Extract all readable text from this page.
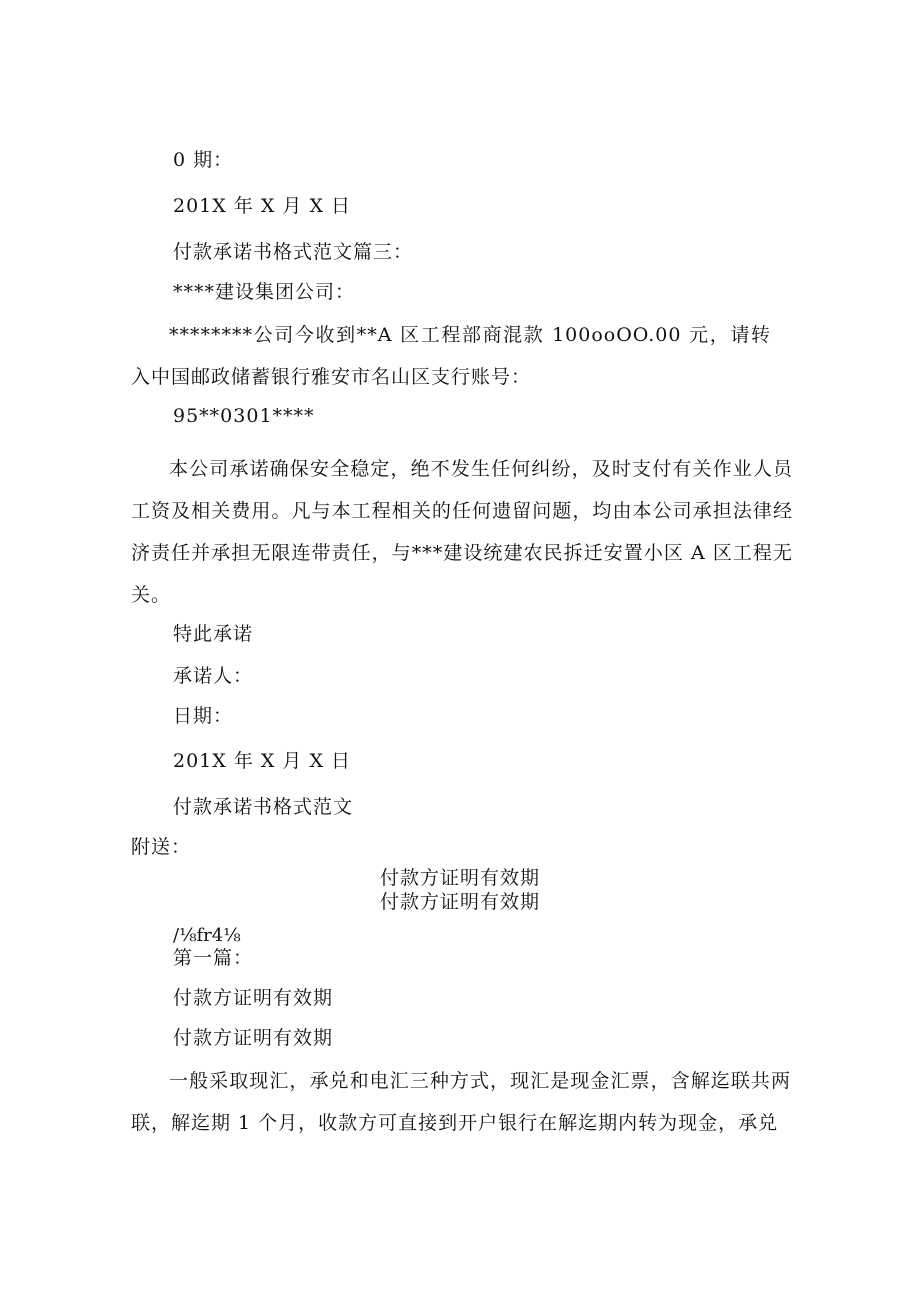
0 期：

201X 年 X 月 X 日

付款承诺书格式范文篇三：

****建设集团公司：

********公司今收到**A 区工程部商混款 100ooOO.00 元，请转入中国邮政储蓄银行雅安市名山区支行账号：

95**0301****

本公司承诺确保安全稳定，绝不发生任何纠纷，及时支付有关作业人员工资及相关费用。凡与本工程相关的任何遗留问题，均由本公司承担法律经济责任并承担无限连带责任，与***建设统建农民拆迁安置小区 A 区工程无关。

特此承诺

承诺人：

日期：

201X 年 X 月 X 日

付款承诺书格式范文

附送：

付款方证明有效期

付款方证明有效期

/⅛fr4⅛

第一篇：

付款方证明有效期

付款方证明有效期

一般采取现汇，承兑和电汇三种方式，现汇是现金汇票，含解迄联共两联，解迄期 1 个月，收款方可直接到开户银行在解迄期内转为现金，承兑
